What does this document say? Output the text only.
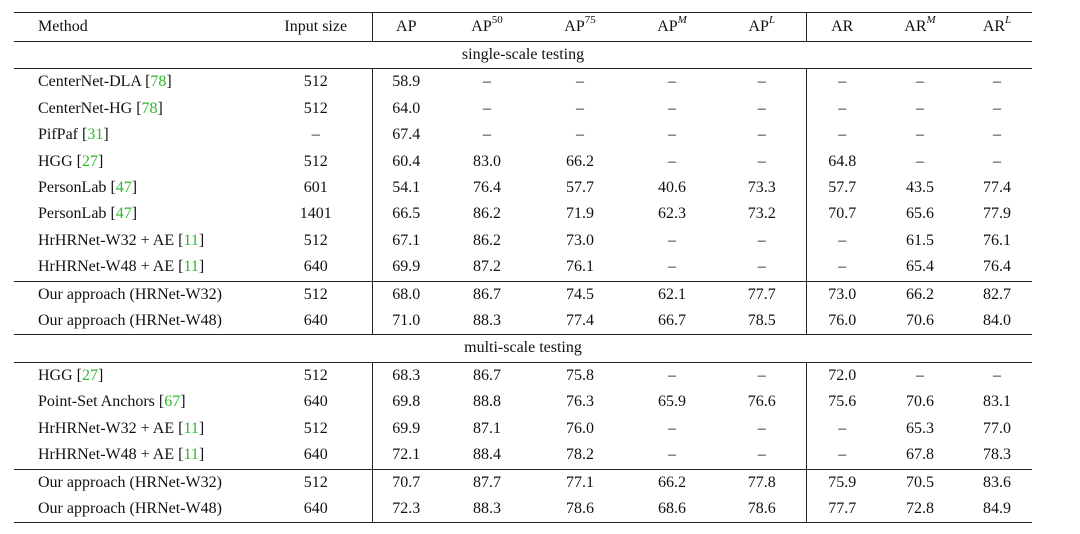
Method	Input size	AP	AP$^{50}$	AP$^{75}$	$AP^M$	$AP^L$	AR	$AR^M$	$AR^L$
single-scale testing									
CenterNet-DLA [78]	512	58.9	–	–	–	–	–	–	–
CenterNet-HG [78]	512	64.0	–	–	–	–	–	–	–
PifPaf [31]	–	67.4	–	–	–	–	–	–	–
HGG [27]	512	60.4	83.0	66.2	–	–	64.8	–	–
PersonLab [47]	601	54.1	76.4	57.7	40.6	73.3	57.7	43.5	77.4
PersonLab [47]	1401	66.5	86.2	71.9	62.3	73.2	70.7	65.6	77.9
HrHRNet-W32 + AE [11]	512	67.1	86.2	73.0	–	–	–	61.5	76.1
HrHRNet-W48 + AE [11]	640	69.9	87.2	76.1	–	–	–	65.4	76.4
Our approach (HRNet-W32)	512	68.0	86.7	74.5	62.1	77.7	73.0	66.2	82.7
Our approach (HRNet-W48)	640	71.0	88.3	77.4	66.7	78.5	76.0	70.6	84.0
multi-scale testing									
HGG [27]	512	68.3	86.7	75.8	–	–	72.0	–	–
Point-Set Anchors [67]	640	69.8	88.8	76.3	65.9	76.6	75.6	70.6	83.1
HrHRNet-W32 + AE [11]	512	69.9	87.1	76.0	–	–	–	65.3	77.0
HrHRNet-W48 + AE [11]	640	72.1	88.4	78.2	–	–	–	67.8	78.3
Our approach (HRNet-W32)	512	70.7	87.7	77.1	66.2	77.8	75.9	70.5	83.6
Our approach (HRNet-W48)	640	72.3	88.3	78.6	68.6	78.6	77.7	72.8	84.9
